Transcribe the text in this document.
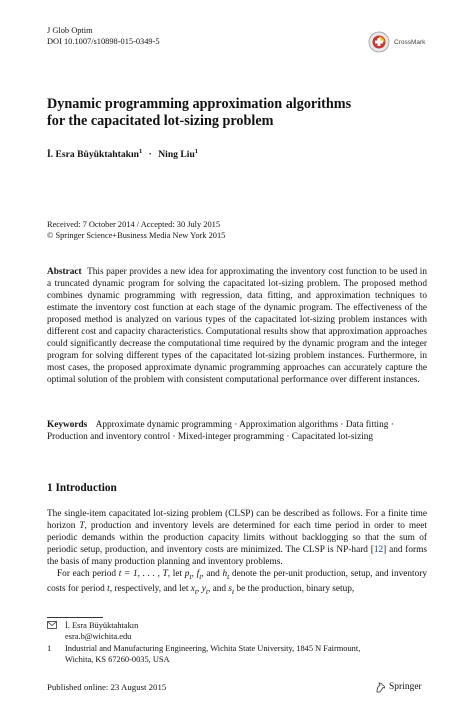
J Glob Optim
DOI 10.1007/s10898-015-0349-5	CrossMark
Dynamic programming approximation algorithms
for the capacitated lot-sizing problem
İ. Esra Büyüktahtakın$^1$ · Ning Liu$^1$
Received: 7 October 2014 / Accepted: 30 July 2015
© Springer Science+Business Media New York 2015
Abstract This paper provides a new idea for approximating the inventory cost function to be used in a truncated dynamic program for solving the capacitated lot-sizing problem. The proposed method combines dynamic programming with regression, data fitting, and approximation techniques to estimate the inventory cost function at each stage of the dynamic program. The effectiveness of the proposed method is analyzed on various types of the capacitated lot-sizing problem instances with different cost and capacity characteristics. Computational results show that approximation approaches could significantly decrease the computational time required by the dynamic program and the integer program for solving different types of the capacitated lot-sizing problem instances. Furthermore, in most cases, the proposed approximate dynamic programming approaches can accurately capture the optimal solution of the problem with consistent computational performance over different instances.
Keywords Approximate dynamic programming · Approximation algorithms · Data fitting · Production and inventory control · Mixed-integer programming · Capacitated lot-sizing
1 Introduction

The single-item capacitated lot-sizing problem (CLSP) can be described as follows. For a finite time horizon T, production and inventory levels are determined for each time period in order to meet periodic demands within the production capacity limits without backlogging so that the sum of periodic setup, production, and inventory costs are minimized. The CLSP is NP-hard [12] and forms the basis of many production planning and inventory problems.

For each period t = 1, . . . , T, let $p_t$, $f_t$, and $h_t$ denote the per-unit production, setup, and inventory costs for period t, respectively, and let $x_t$, $y_t$, and $s_t$ be the production, binary setup,

İ. Esra Büyüktahtakın
esra.b@wichita.edu
1	Industrial and Manufacturing Engineering, Wichita State University, 1845 N Fairmount,
Wichita, KS 67260-0035, USA
Published online: 23 August 2015	Springer
